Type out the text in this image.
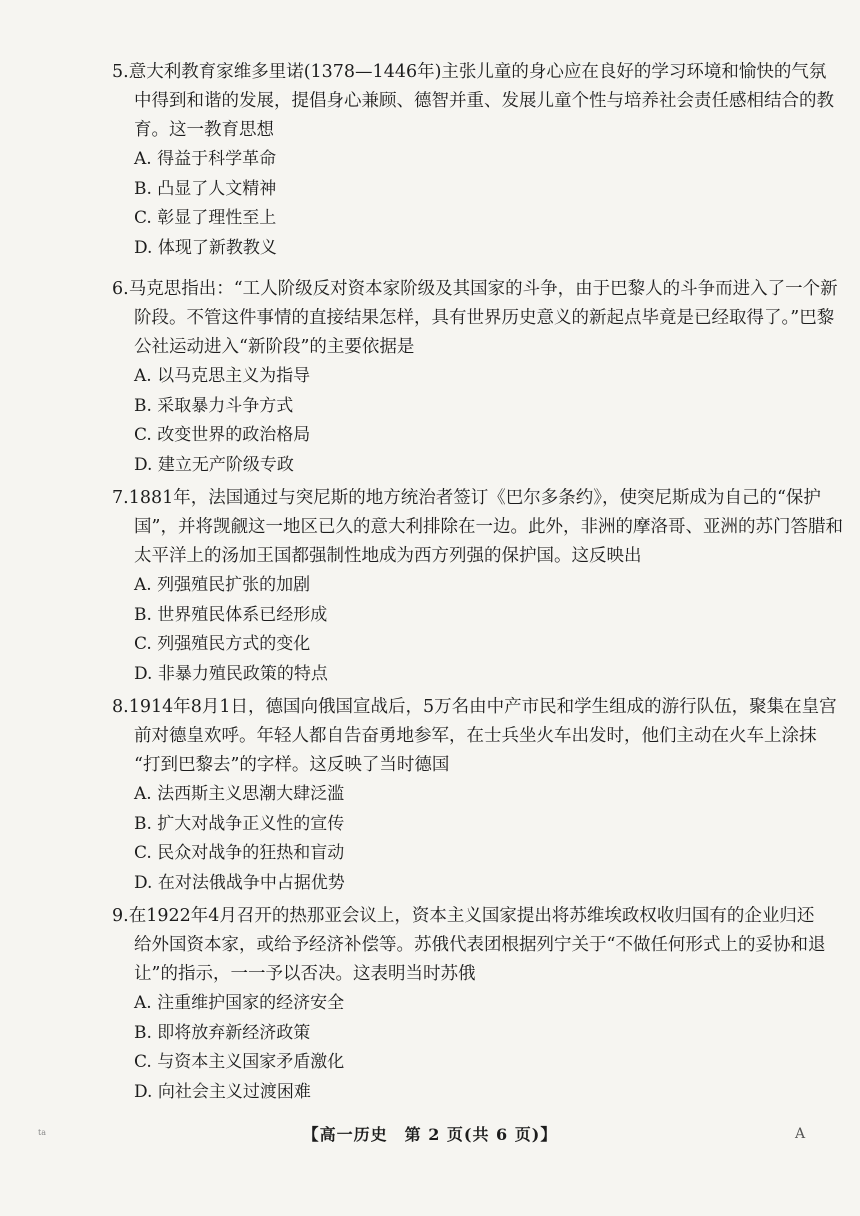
5.意大利教育家维多里诺(1378—1446年)主张儿童的身心应在良好的学习环境和愉快的气氛
中得到和谐的发展，提倡身心兼顾、德智并重、发展儿童个性与培养社会责任感相结合的教
育。这一教育思想
A. 得益于科学革命
B. 凸显了人文精神
C. 彰显了理性至上
D. 体现了新教教义
6.马克思指出：“工人阶级反对资本家阶级及其国家的斗争，由于巴黎人的斗争而进入了一个新
阶段。不管这件事情的直接结果怎样，具有世界历史意义的新起点毕竟是已经取得了。”巴黎
公社运动进入“新阶段”的主要依据是
A. 以马克思主义为指导
B. 采取暴力斗争方式
C. 改变世界的政治格局
D. 建立无产阶级专政
7.1881年，法国通过与突尼斯的地方统治者签订《巴尔多条约》，使突尼斯成为自己的“保护
国”，并将觊觎这一地区已久的意大利排除在一边。此外，非洲的摩洛哥、亚洲的苏门答腊和
太平洋上的汤加王国都强制性地成为西方列强的保护国。这反映出
A. 列强殖民扩张的加剧
B. 世界殖民体系已经形成
C. 列强殖民方式的变化
D. 非暴力殖民政策的特点
8.1914年8月1日，德国向俄国宣战后，5万名由中产市民和学生组成的游行队伍，聚集在皇宫
前对德皇欢呼。年轻人都自告奋勇地参军，在士兵坐火车出发时，他们主动在火车上涂抹
“打到巴黎去”的字样。这反映了当时德国
A. 法西斯主义思潮大肆泛滥
B. 扩大对战争正义性的宣传
C. 民众对战争的狂热和盲动
D. 在对法俄战争中占据优势
9.在1922年4月召开的热那亚会议上，资本主义国家提出将苏维埃政权收归国有的企业归还
给外国资本家，或给予经济补偿等。苏俄代表团根据列宁关于“不做任何形式上的妥协和退
让”的指示，一一予以否决。这表明当时苏俄
A. 注重维护国家的经济安全
B. 即将放弃新经济政策
C. 与资本主义国家矛盾激化
D. 向社会主义过渡困难
ta	【高一历史　第 2 页(共 6 页)】	A
